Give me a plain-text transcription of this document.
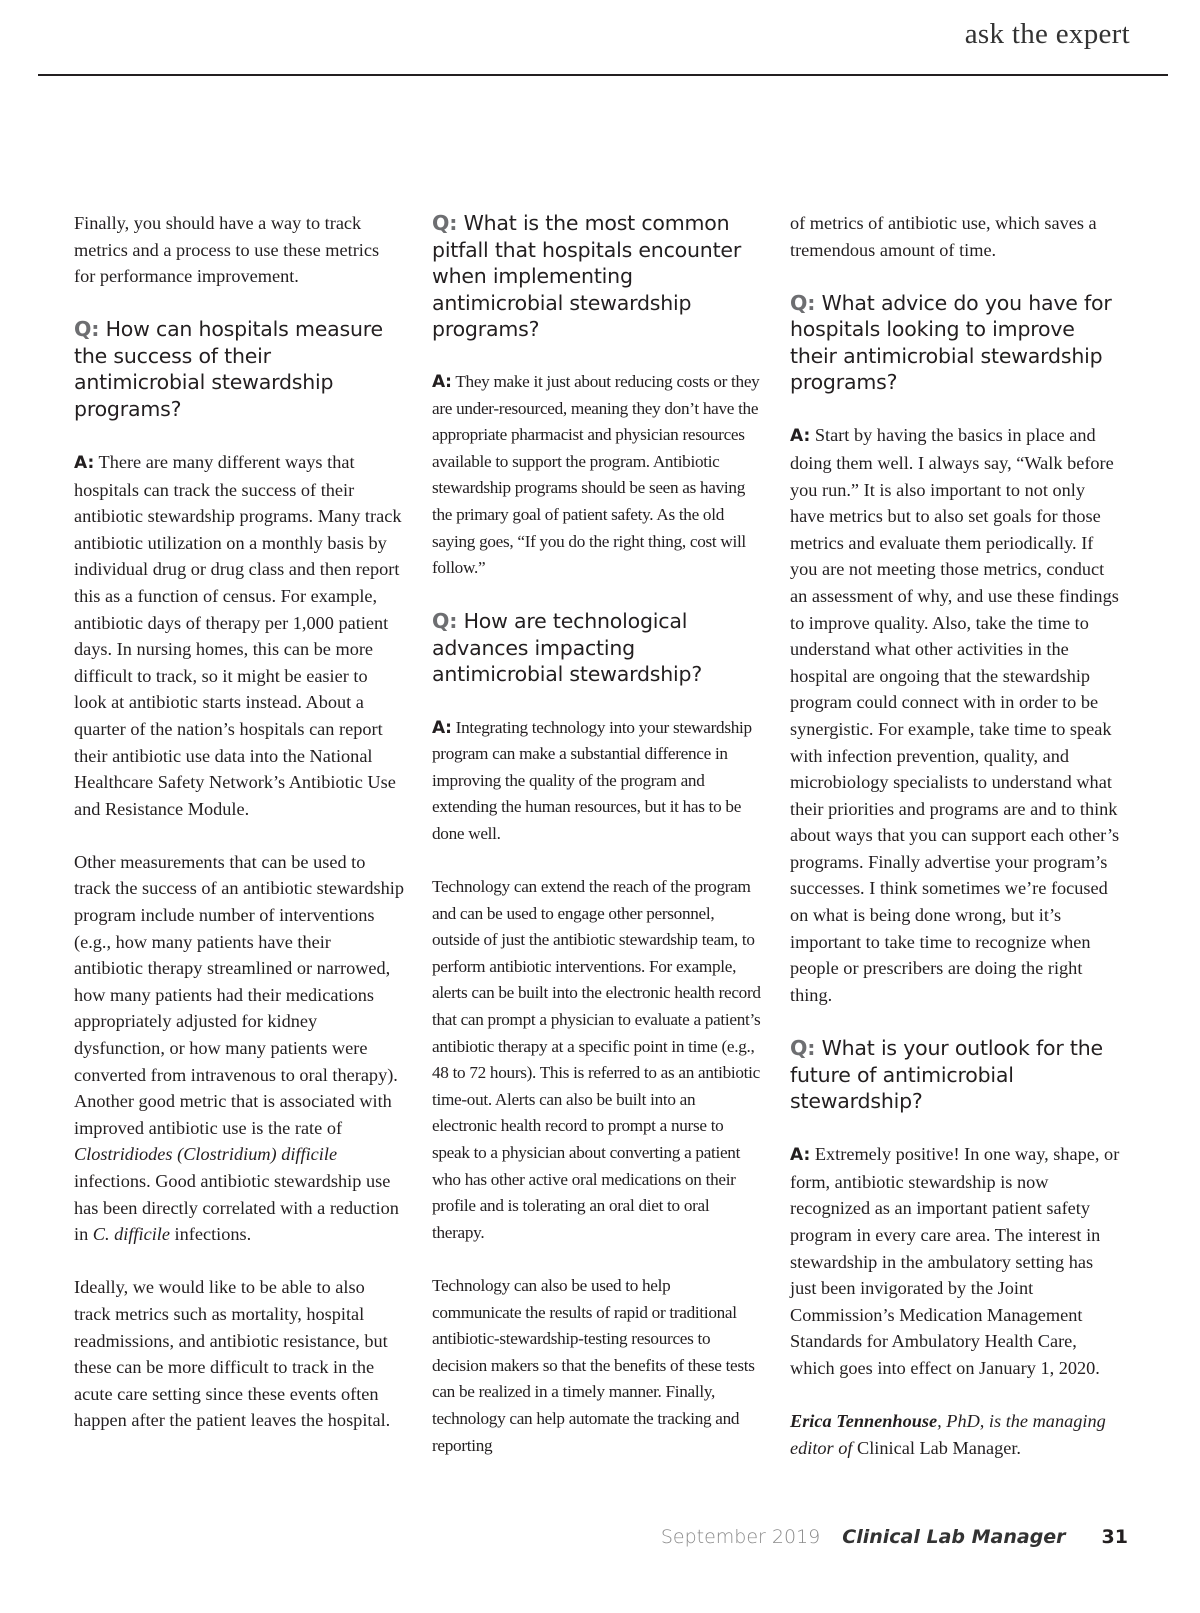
ask the expert

Finally, you should have a way to track metrics and a process to use these metrics for performance improvement.

Q: How can hospitals measure the success of their antimicrobial stewardship programs?

A: There are many different ways that hospitals can track the success of their antibiotic stewardship programs. Many track antibiotic utilization on a monthly basis by individual drug or drug class and then report this as a function of census. For example, antibiotic days of therapy per 1,000 patient days. In nursing homes, this can be more difficult to track, so it might be easier to look at antibiotic starts instead. About a quarter of the nation’s hospitals can report their antibiotic use data into the National Healthcare Safety Network’s Antibiotic Use and Resistance Module.

Other measurements that can be used to track the success of an antibiotic stewardship program include number of interventions (e.g., how many patients have their antibiotic therapy streamlined or narrowed, how many patients had their medications appropriately adjusted for kidney dysfunction, or how many patients were converted from intravenous to oral therapy). Another good metric that is associated with improved antibiotic use is the rate of Clostridiodes (Clostridium) difficile infections. Good antibiotic stewardship use has been directly correlated with a reduction in C. difficile infections.

Ideally, we would like to be able to also track metrics such as mortality, hospital readmissions, and antibiotic resistance, but these can be more difficult to track in the acute care setting since these events often happen after the patient leaves the hospital.

Q: What is the most common pitfall that hospitals encounter when implementing antimicrobial stewardship programs?

A: They make it just about reducing costs or they are under-resourced, meaning they don’t have the appropriate pharmacist and physician resources available to support the program. Antibiotic stewardship programs should be seen as having the primary goal of patient safety. As the old saying goes, “If you do the right thing, cost will follow.”

Q: How are technological advances impacting antimicrobial stewardship?

A: Integrating technology into your stewardship program can make a substantial difference in improving the quality of the program and extending the human resources, but it has to be done well.

Technology can extend the reach of the program and can be used to engage other personnel, outside of just the antibiotic stewardship team, to perform antibiotic interventions. For example, alerts can be built into the electronic health record that can prompt a physician to evaluate a patient’s antibiotic therapy at a specific point in time (e.g., 48 to 72 hours). This is referred to as an antibiotic time-out. Alerts can also be built into an electronic health record to prompt a nurse to speak to a physician about converting a patient who has other active oral medications on their profile and is tolerating an oral diet to oral therapy.

Technology can also be used to help communicate the results of rapid or traditional antibiotic-stewardship-testing resources to decision makers so that the benefits of these tests can be realized in a timely manner. Finally, technology can help automate the tracking and reporting

of metrics of antibiotic use, which saves a tremendous amount of time.

Q: What advice do you have for hospitals looking to improve their antimicrobial stewardship programs?

A: Start by having the basics in place and doing them well. I always say, “Walk before you run.” It is also important to not only have metrics but to also set goals for those metrics and evaluate them periodically. If you are not meeting those metrics, conduct an assessment of why, and use these findings to improve quality. Also, take the time to understand what other activities in the hospital are ongoing that the stewardship program could connect with in order to be synergistic. For example, take time to speak with infection prevention, quality, and microbiology specialists to understand what their priorities and programs are and to think about ways that you can support each other’s programs. Finally advertise your program’s successes. I think sometimes we’re focused on what is being done wrong, but it’s important to take time to recognize when people or prescribers are doing the right thing.

Q: What is your outlook for the future of antimicrobial stewardship?

A: Extremely positive! In one way, shape, or form, antibiotic stewardship is now recognized as an important patient safety program in every care area. The interest in stewardship in the ambulatory setting has just been invigorated by the Joint Commission’s Medication Management Standards for Ambulatory Health Care, which goes into effect on January 1, 2020.

Erica Tennenhouse, PhD, is the managing editor of Clinical Lab Manager.

September 2019 Clinical Lab Manager 31
